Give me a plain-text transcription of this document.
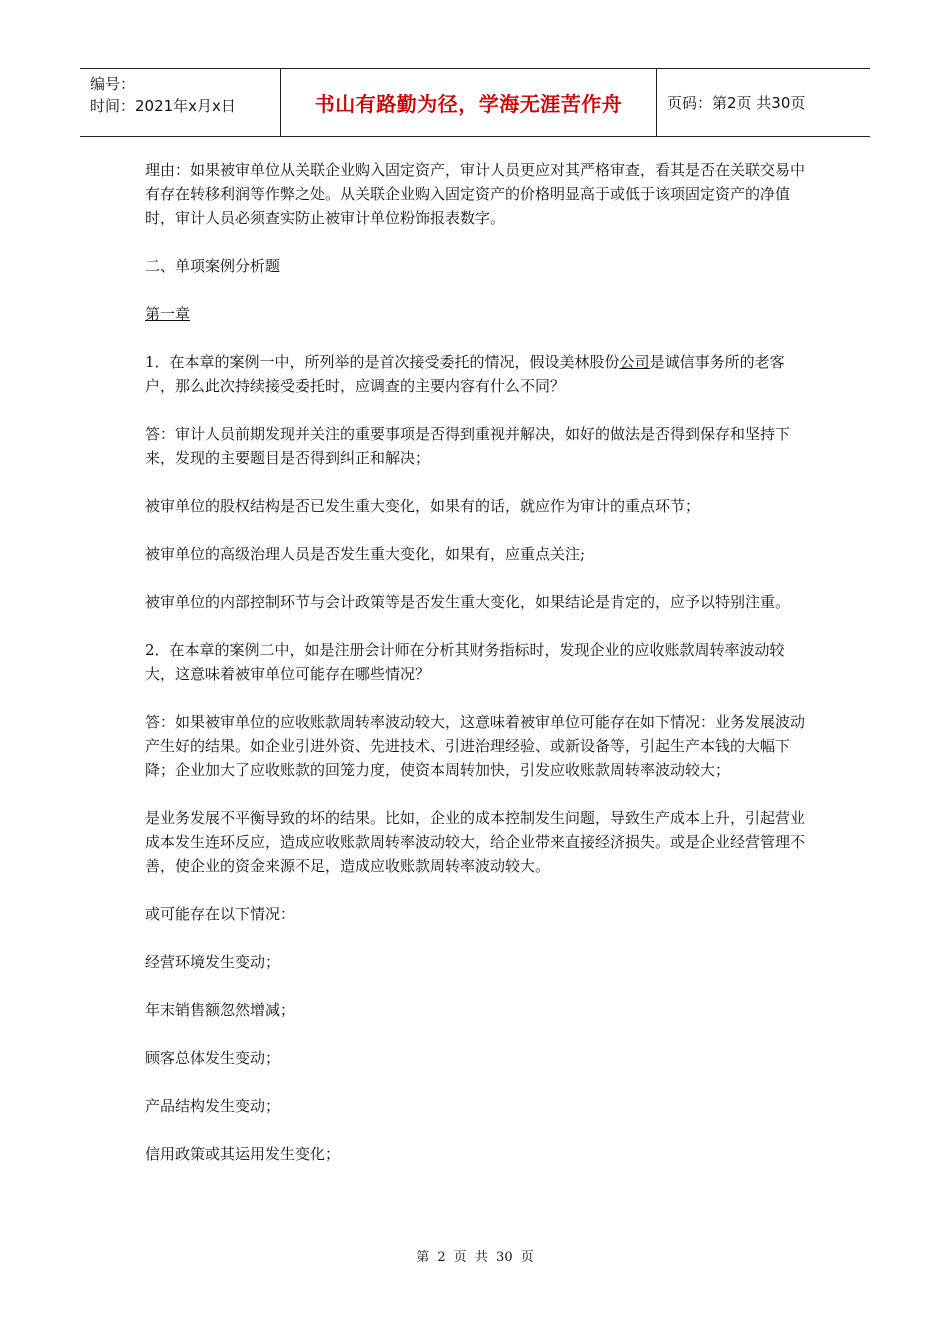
编号：
时间：2021年x月x日	书山有路勤为径，学海无涯苦作舟	页码：第2页 共30页

理由：如果被审单位从关联企业购入固定资产，审计人员更应对其严格审查，看其是否在关联交易中有存在转移利润等作弊之处。从关联企业购入固定资产的价格明显高于或低于该项固定资产的净值时，审计人员必须查实防止被审计单位粉饰报表数字。

二、单项案例分析题

第一章

1．在本章的案例一中，所列举的是首次接受委托的情况，假设美林股份公司是诚信事务所的老客户，那么此次持续接受委托时，应调查的主要内容有什么不同？

答：审计人员前期发现并关注的重要事项是否得到重视并解决，如好的做法是否得到保存和坚持下来，发现的主要题目是否得到纠正和解决；

被审单位的股权结构是否已发生重大变化，如果有的话，就应作为审计的重点环节；

被审单位的高级治理人员是否发生重大变化，如果有，应重点关注;

被审单位的内部控制环节与会计政策等是否发生重大变化，如果结论是肯定的，应予以特别注重。

2．在本章的案例二中，如是注册会计师在分析其财务指标时，发现企业的应收账款周转率波动较大，这意味着被审单位可能存在哪些情况？

答：如果被审单位的应收账款周转率波动较大，这意味着被审单位可能存在如下情况：业务发展波动产生好的结果。如企业引进外资、先进技术、引进治理经验、或新设备等，引起生产本钱的大幅下降；企业加大了应收账款的回笼力度，使资本周转加快，引发应收账款周转率波动较大；

是业务发展不平衡导致的坏的结果。比如，企业的成本控制发生问题，导致生产成本上升，引起营业成本发生连环反应，造成应收账款周转率波动较大，给企业带来直接经济损失。或是企业经营管理不善，使企业的资金来源不足，造成应收账款周转率波动较大。

或可能存在以下情况：

经营环境发生变动；

年末销售额忽然增减；

顾客总体发生变动；

产品结构发生变动；

信用政策或其运用发生变化；

第 2 页 共 30 页
